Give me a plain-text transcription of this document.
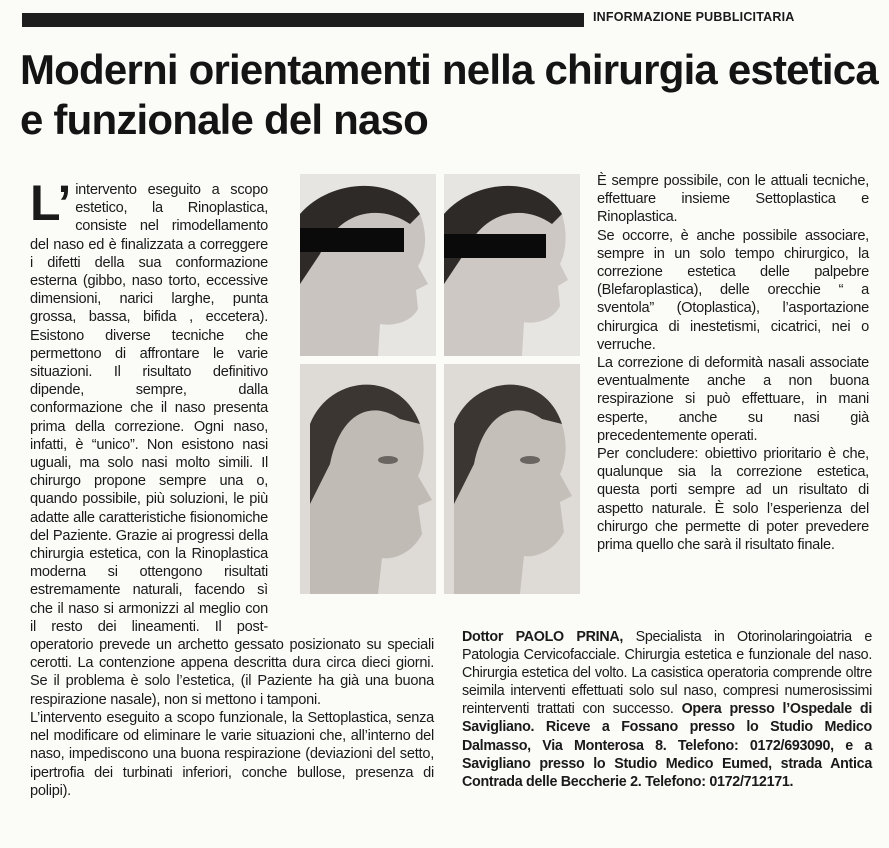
INFORMAZIONE PUBBLICITARIA
Moderni orientamenti nella chirurgia estetica e funzionale del naso

L’ intervento eseguito a scopo estetico, la Rinoplastica, consiste nel rimodellamento del naso ed è finalizzata a correggere i difetti della sua conformazione esterna (gibbo, naso torto, eccessive dimensioni, narici larghe, punta grossa, bassa, bifida , eccetera). Esistono diverse tecniche che permettono di affrontare le varie situazioni. Il risultato definitivo dipende, sempre, dalla conformazione che il naso presenta prima della correzione. Ogni naso, infatti, è “unico”. Non esistono nasi uguali, ma solo nasi molto simili. Il chirurgo propone sempre una o, quando possibile, più soluzioni, le più adatte alle caratteristiche fisionomiche del Paziente. Grazie ai progressi della chirurgia estetica, con la Rinoplastica moderna si ottengono risultati estremamente naturali, facendo sì che il naso si armonizzi al meglio con il resto dei lineamenti. Il post-operatorio prevede un archetto gessato posizionato su speciali cerotti. La contenzione appena descritta dura circa dieci giorni. Se il problema è solo l’estetica, (il Paziente ha già una buona respirazione nasale), non si mettono i tamponi.

L’intervento eseguito a scopo funzionale, la Settoplastica, senza nel modificare od eliminare le varie situazioni che, all’interno del naso, impediscono una buona respirazione (deviazioni del setto, ipertrofia dei turbinati inferiori, conche bullose, presenza di polipi).

È sempre possibile, con le attuali tecniche, effettuare insieme Settoplastica e Rinoplastica.

Se occorre, è anche possibile associare, sempre in un solo tempo chirurgico, la correzione estetica delle palpebre (Blefaroplastica), delle orecchie “ a sventola” (Otoplastica), l’asportazione chirurgica di inestetismi, cicatrici, nei o verruche.

La correzione di deformità nasali associate eventualmente anche a non buona respirazione si può effettuare, in mani esperte, anche su nasi già precedentemente operati.

Per concludere: obiettivo prioritario è che, qualunque sia la correzione estetica, questa porti sempre ad un risultato di aspetto naturale. È solo l’esperienza del chirurgo che permette di poter prevedere prima quello che sarà il risultato finale.

Dottor PAOLO PRINA, Specialista in Otorinolaringoiatria e Patologia Cervicofacciale. Chirurgia estetica e funzionale del naso. Chirurgia estetica del volto. La casistica operatoria comprende oltre seimila interventi effettuati solo sul naso, compresi numerosissimi reinterventi trattati con successo. Opera presso l’Ospedale di Savigliano. Riceve a Fossano presso lo Studio Medico Dalmasso, Via Monterosa 8. Telefono: 0172/693090, e a Savigliano presso lo Studio Medico Eumed, strada Antica Contrada delle Beccherie 2. Telefono: 0172/712171.
